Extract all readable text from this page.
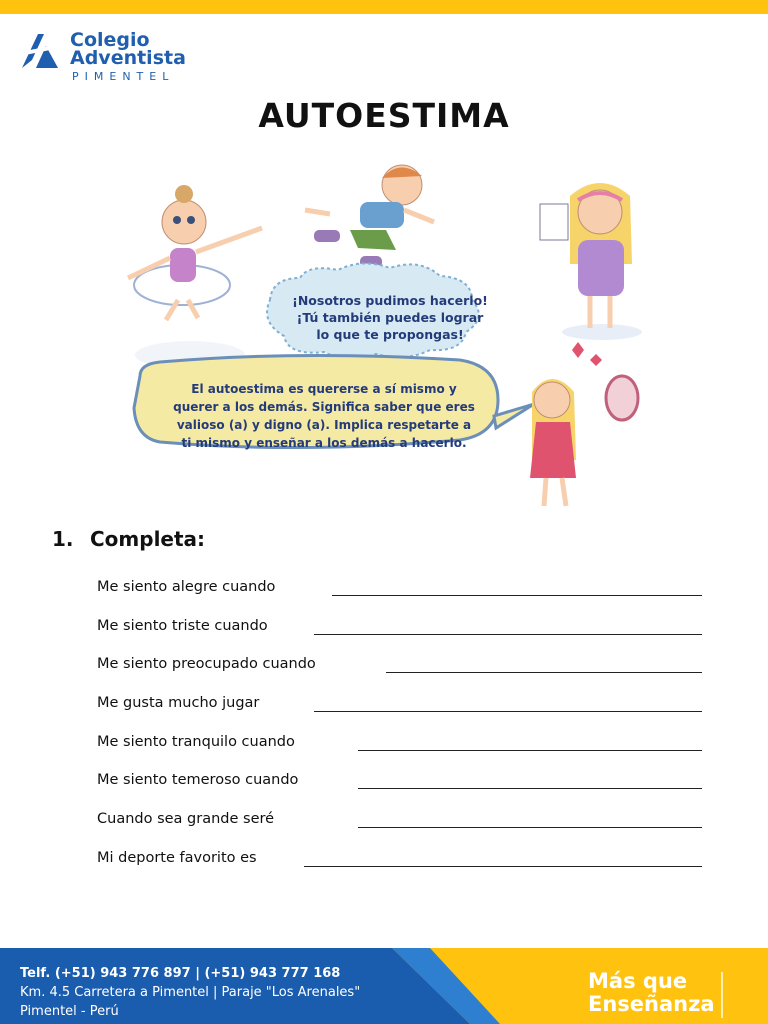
Colegio
Adventista
PIMENTEL
AUTOESTIMA
¡Nosotros pudimos hacerlo!
¡Tú también puedes lograr
lo que te propongas!
El autoestima es quererse a sí mismo y
querer a los demás. Significa saber que eres
valioso (a) y digno (a). Implica respetarte a
ti mismo y enseñar a los demás a hacerlo.
1. Completa:
Me siento alegre cuando
Me siento triste cuando
Me siento preocupado cuando
Me gusta mucho jugar
Me siento tranquilo cuando
Me siento temeroso cuando
Cuando sea grande seré
Mi deporte favorito es
Telf. (+51) 943 776 897 | (+51) 943 777 168
Km. 4.5 Carretera a Pimentel | Paraje "Los Arenales"
Pimentel - Perú
Más que
Enseñanza
